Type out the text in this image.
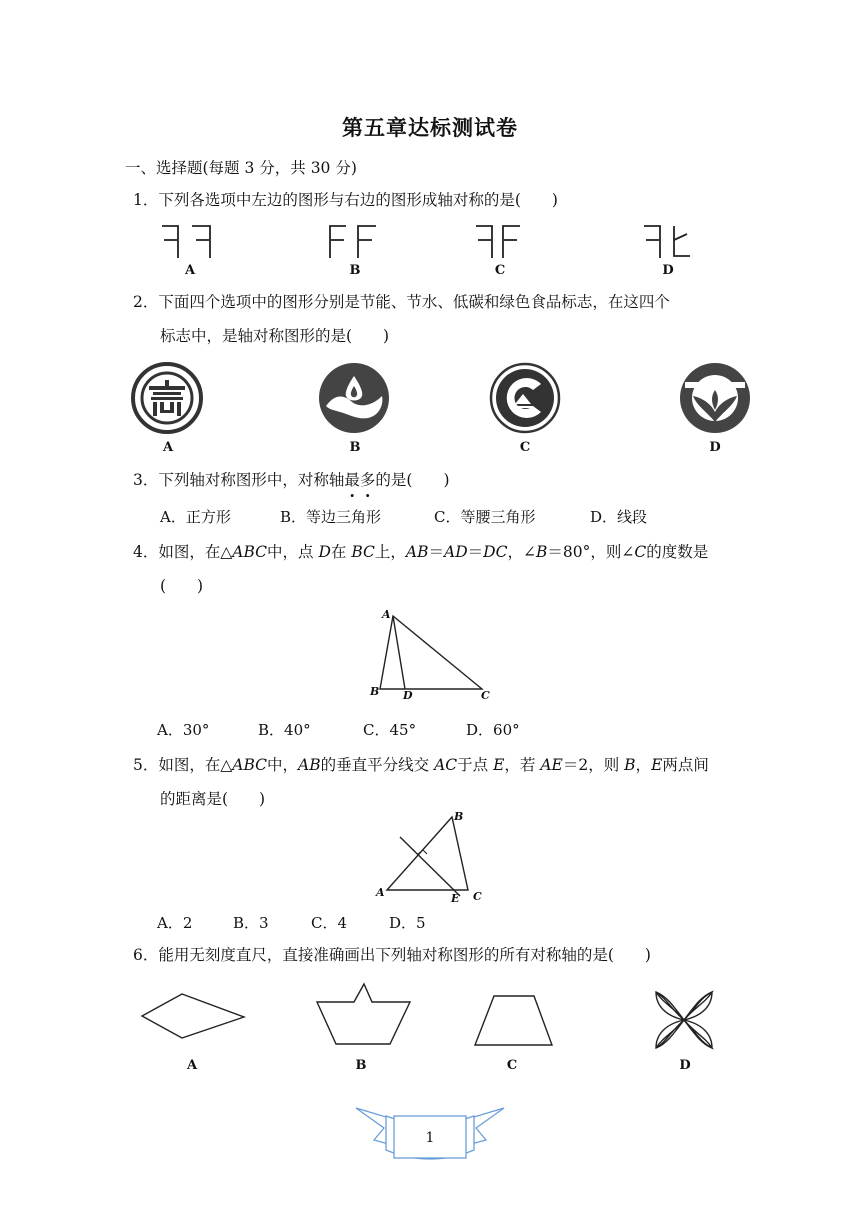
第五章达标测试卷
一、选择题(每题 3 分，共 30 分)
1．下列各选项中左边的图形与右边的图形成轴对称的是(　　)
A	B	C	D
2．下面四个选项中的图形分别是节能、节水、低碳和绿色食品标志，在这四个
标志中，是轴对称图形的是(　　)
A	B	C	D
3．下列轴对称图形中，对称轴最多的是(　　)
A．正方形	B．等边三角形	C．等腰三角形	D．线段
4．如图，在△ABC中，点 D在 BC上，AB＝AD＝DC，∠B＝80°，则∠C的度数是
(　　)
A
B D	C
A．30°	B．40°	C．45°	D．60°
5．如图，在△ABC中，AB的垂直平分线交 AC于点 E，若 AE＝2，则 B，E两点间
的距离是(　　)
B
A	E C
A．2	B．3	C．4	D．5
6．能用无刻度直尺，直接准确画出下列轴对称图形的所有对称轴的是(　　)
A	B	C	D
1
